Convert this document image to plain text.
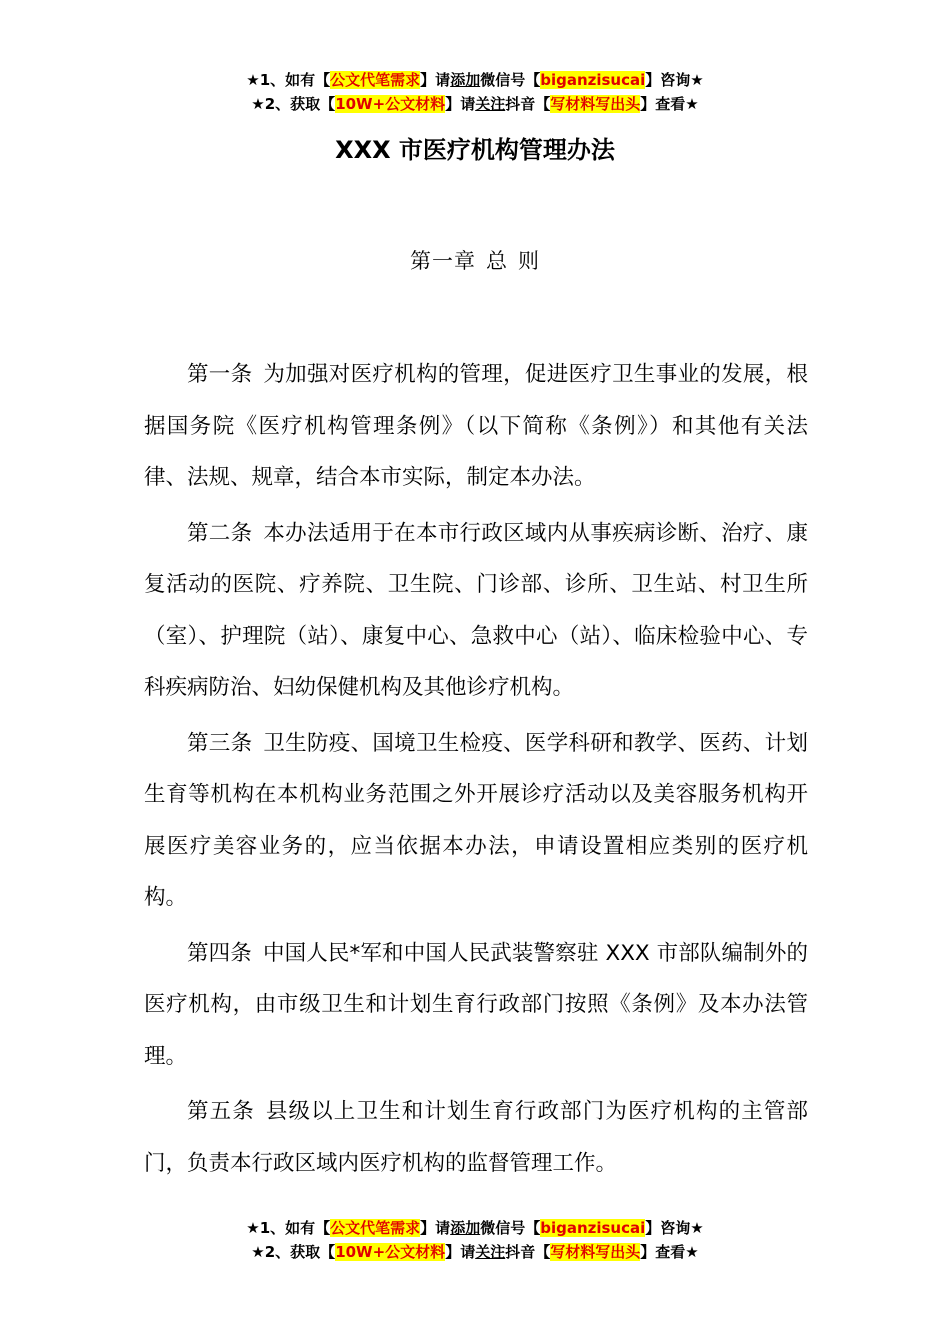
★1、如有【公文代笔需求】请添加微信号【biganzisucai】咨询★
★2、获取【10W+公文材料】请关注抖音【写材料写出头】查看★
XXX 市医疗机构管理办法
第一章 总 则

第一条 为加强对医疗机构的管理，促进医疗卫生事业的发展，根据国务院《医疗机构管理条例》（以下简称《条例》）和其他有关法律、法规、规章，结合本市实际，制定本办法。

第二条 本办法适用于在本市行政区域内从事疾病诊断、治疗、康复活动的医院、疗养院、卫生院、门诊部、诊所、卫生站、村卫生所（室）、护理院（站）、康复中心、急救中心（站）、临床检验中心、专科疾病防治、妇幼保健机构及其他诊疗机构。

第三条 卫生防疫、国境卫生检疫、医学科研和教学、医药、计划生育等机构在本机构业务范围之外开展诊疗活动以及美容服务机构开展医疗美容业务的，应当依据本办法，申请设置相应类别的医疗机构。

第四条 中国人民*军和中国人民武装警察驻 XXX 市部队编制外的医疗机构，由市级卫生和计划生育行政部门按照《条例》及本办法管理。

第五条 县级以上卫生和计划生育行政部门为医疗机构的主管部门，负责本行政区域内医疗机构的监督管理工作。

★1、如有【公文代笔需求】请添加微信号【biganzisucai】咨询★
★2、获取【10W+公文材料】请关注抖音【写材料写出头】查看★
